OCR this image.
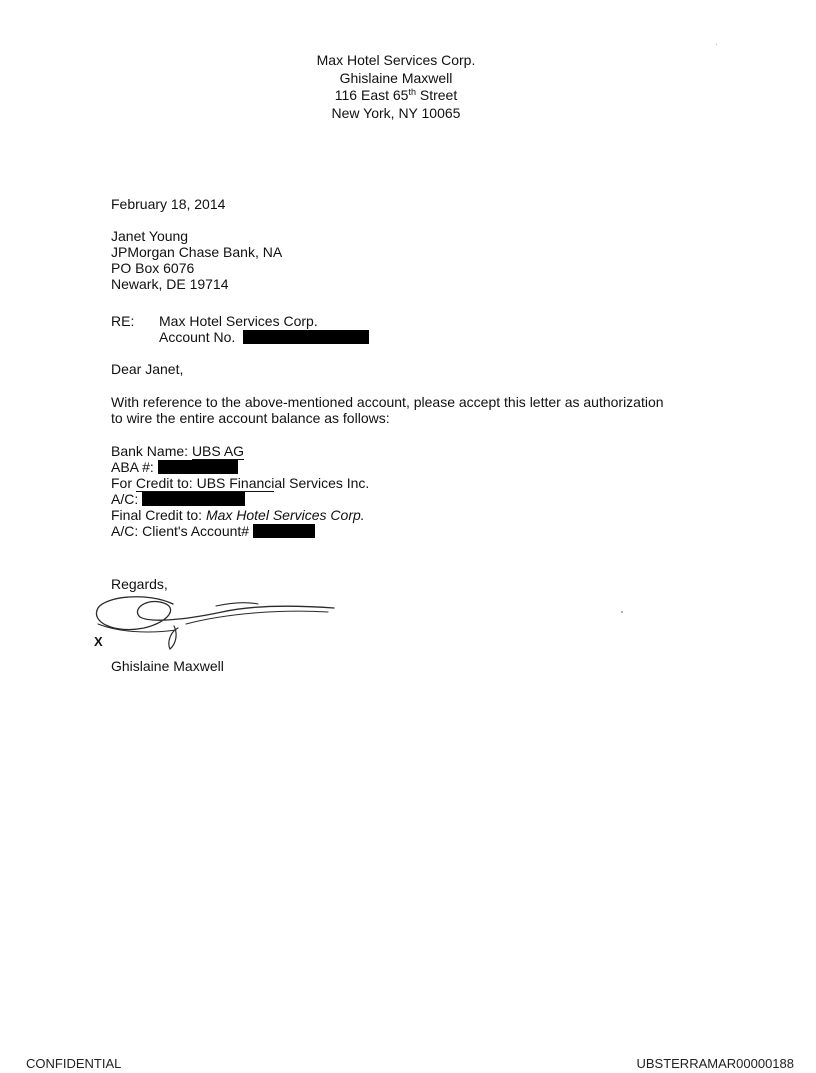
Max Hotel Services Corp.
Ghislaine Maxwell
116 East 65th Street
New York, NY 10065
February 18, 2014
Janet Young
JPMorgan Chase Bank, NA
PO Box 6076
Newark, DE 19714
RE: Max Hotel Services Corp.
Account No.
Dear Janet,
With reference to the above-mentioned account, please accept this letter as authorization
to wire the entire account balance as follows:
Bank Name: UBS AG
ABA #:
For Credit to: UBS Financial Services Inc.
A/C:
Final Credit to: Max Hotel Services Corp.
A/C: Client's Account#
Regards,
X
Ghislaine Maxwell
CONFIDENTIAL	UBSTERRAMAR00000188
